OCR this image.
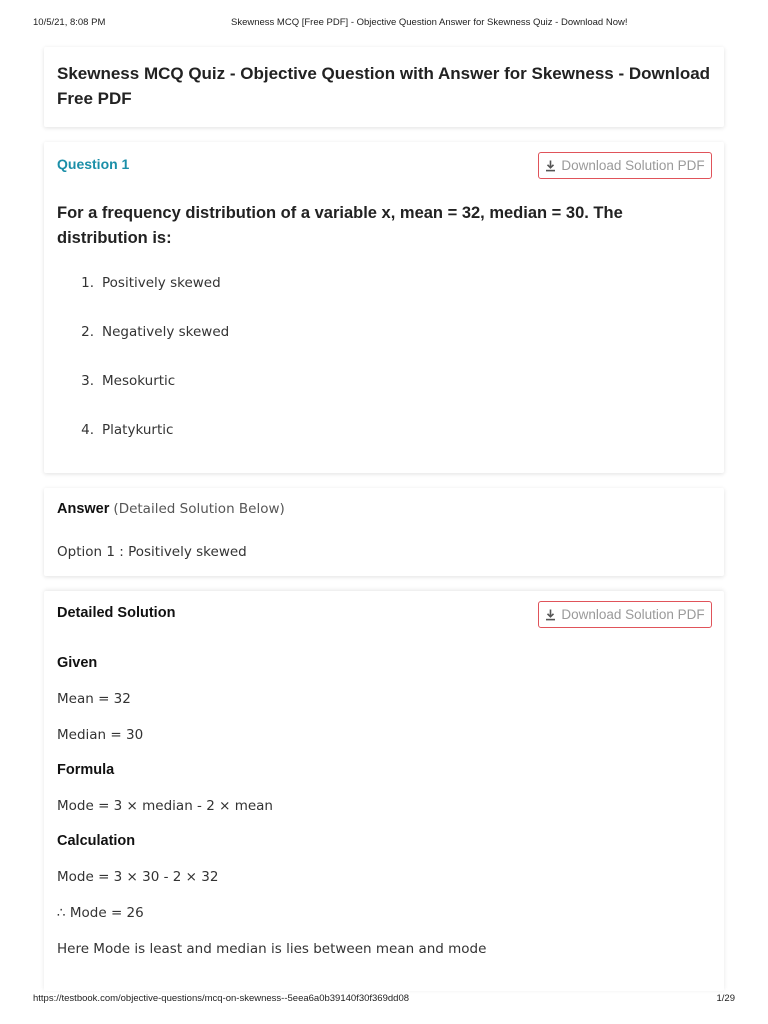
10/5/21, 8:08 PM	Skewness MCQ [Free PDF] - Objective Question Answer for Skewness Quiz - Download Now!
Skewness MCQ Quiz - Objective Question with Answer for Skewness - Download Free PDF
Question 1	Download Solution PDF
For a frequency distribution of a variable x, mean = 32, median = 30. The distribution is:
1 . Positively skewed
2 . Negatively skewed
3 . Mesokurtic
4 . Platykurtic
Answer (Detailed Solution Below)
Option 1 : Positively skewed
Detailed Solution	Download Solution PDF
Given
Mean = 32
Median = 30
Formula
Mode = 3 × median - 2 × mean
Calculation
Mode = 3 × 30 - 2 × 32
∴ Mode = 26
Here Mode is least and median is lies between mean and mode
https://testbook.com/objective-questions/mcq-on-skewness--5eea6a0b39140f30f369dd08	1/29
